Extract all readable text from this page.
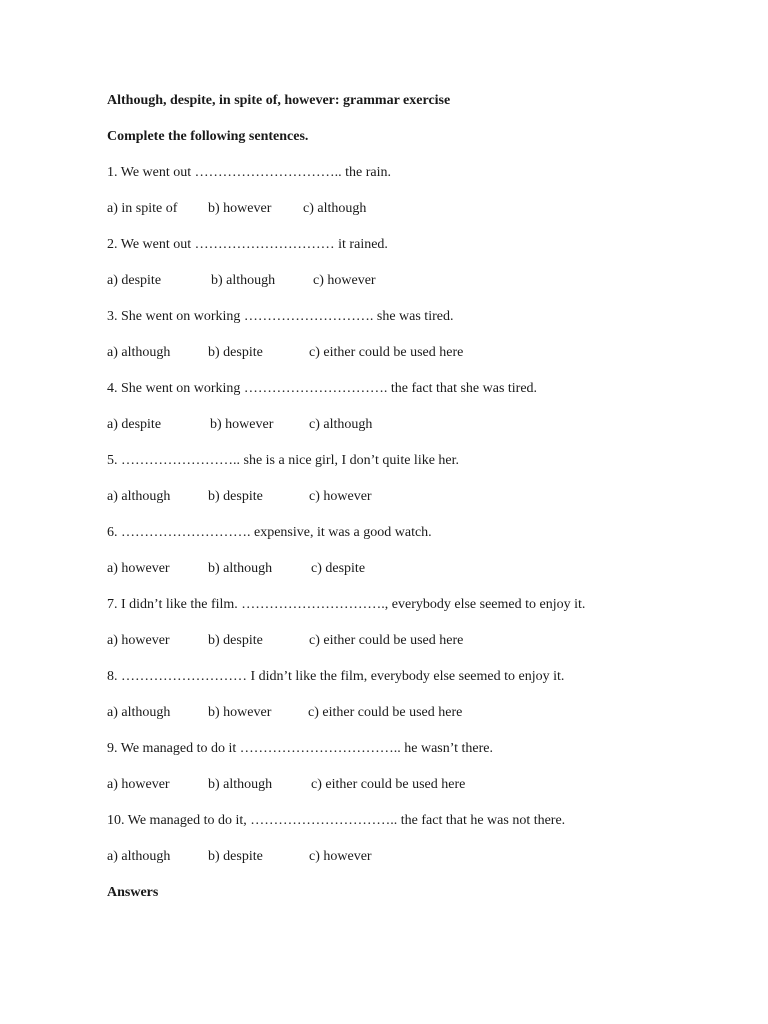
Although, despite, in spite of, however: grammar exercise
Complete the following sentences.
1. We went out ………………………….. the rain.
a) in spite of b) however c) although
2. We went out ………………………… it rained.
a) despite	b) although	c) however
3. She went on working ………………………. she was tired.
a) although	b) despite	c) either could be used here
4. She went on working …………………………. the fact that she was tired.
a) despite	b) however	c) although
5. …………………….. she is a nice girl, I don’t quite like her.
a) although	b) despite	c) however
6. ………………………. expensive, it was a good watch.
a) however	b) although	c) despite
7. I didn’t like the film. …………………………., everybody else seemed to enjoy it.
a) however	b) despite	c) either could be used here
8. ……………………… I didn’t like the film, everybody else seemed to enjoy it.
a) although	b) however	c) either could be used here
9. We managed to do it …………………………….. he wasn’t there.
a) however	b) although	c) either could be used here
10. We managed to do it, ………………………….. the fact that he was not there.
a) although	b) despite	c) however
Answers
